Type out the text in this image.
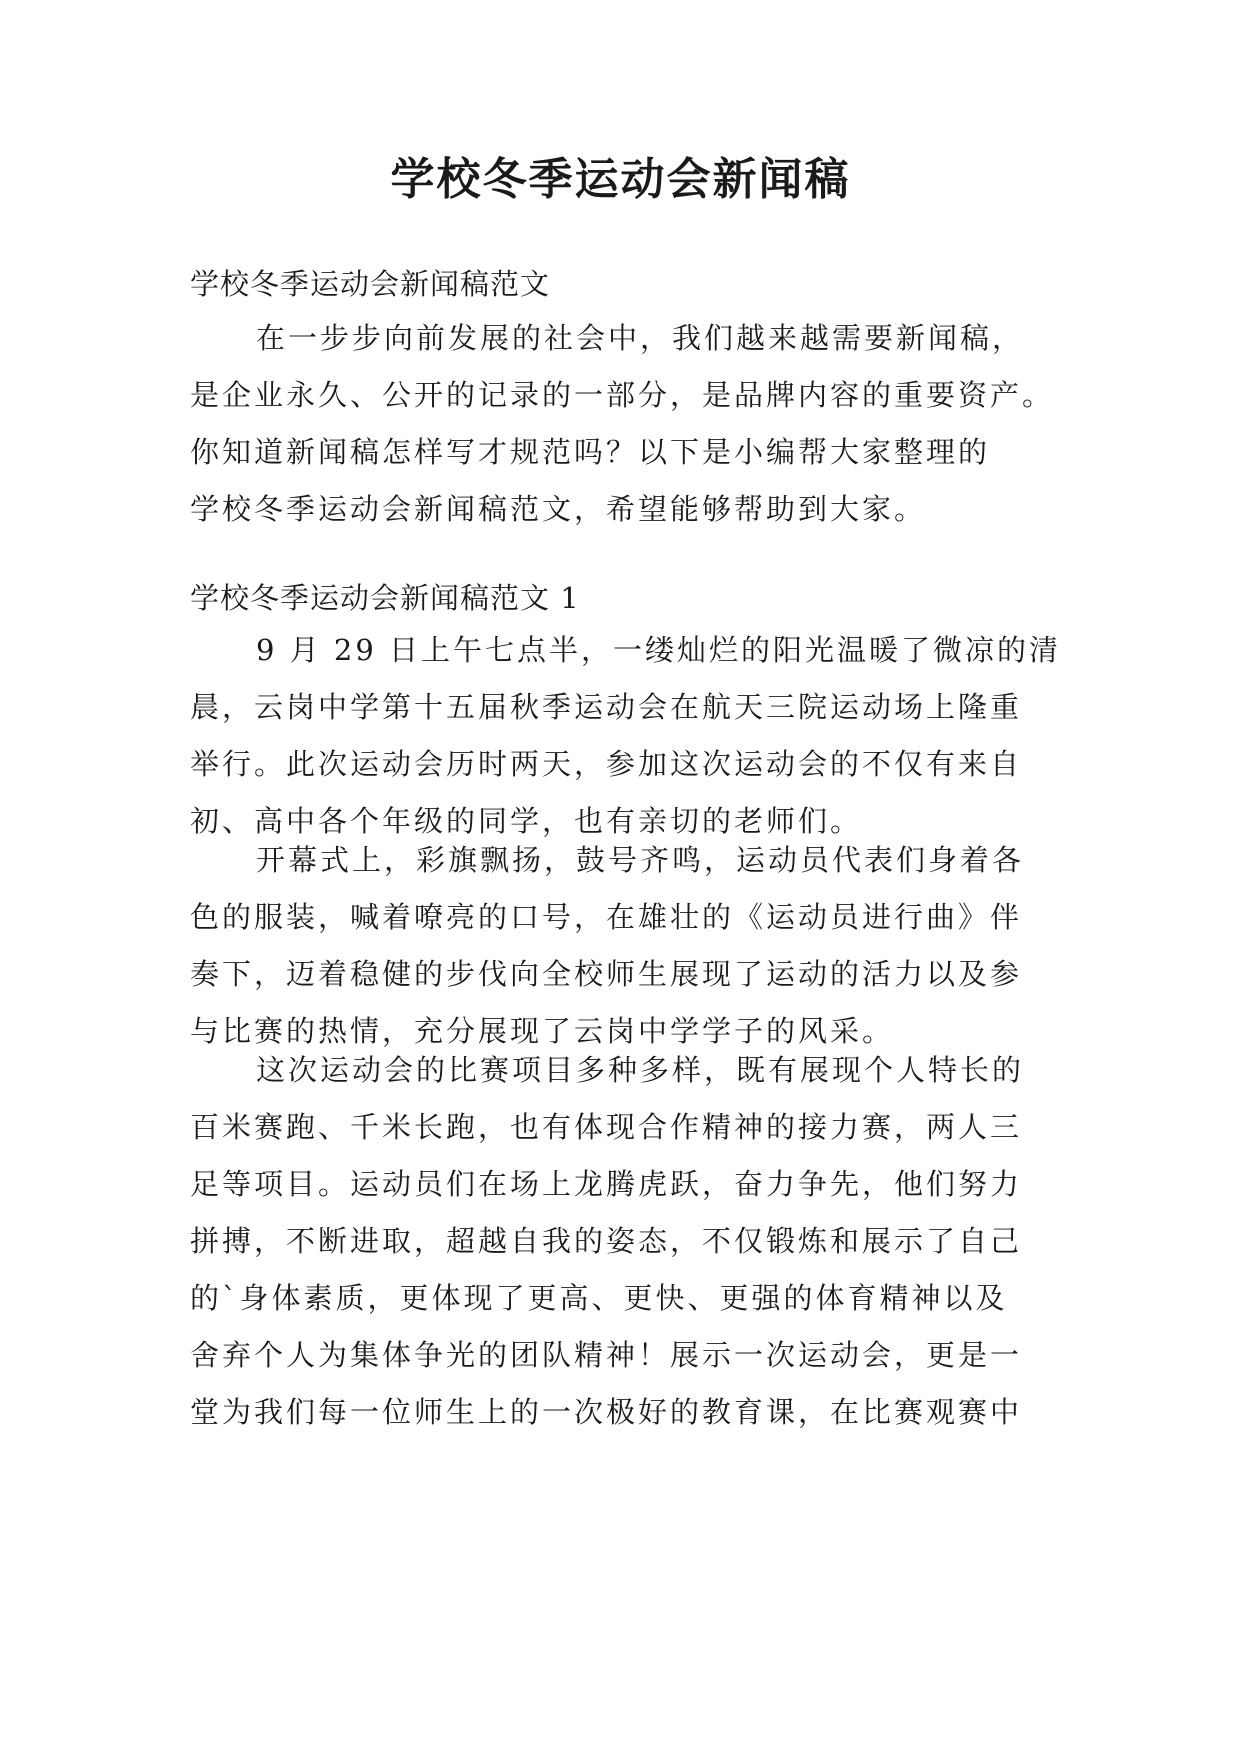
学校冬季运动会新闻稿
学校冬季运动会新闻稿范文
在一步步向前发展的社会中，我们越来越需要新闻稿，
是企业永久、公开的记录的一部分，是品牌内容的重要资产。
你知道新闻稿怎样写才规范吗？以下是小编帮大家整理的
学校冬季运动会新闻稿范文，希望能够帮助到大家。
学校冬季运动会新闻稿范文 1
9 月 29 日上午七点半，一缕灿烂的阳光温暖了微凉的清
晨，云岗中学第十五届秋季运动会在航天三院运动场上隆重
举行。此次运动会历时两天，参加这次运动会的不仅有来自
初、高中各个年级的同学，也有亲切的老师们。
开幕式上，彩旗飘扬，鼓号齐鸣，运动员代表们身着各
色的服装，喊着嘹亮的口号，在雄壮的《运动员进行曲》伴
奏下，迈着稳健的步伐向全校师生展现了运动的活力以及参
与比赛的热情，充分展现了云岗中学学子的风采。
这次运动会的比赛项目多种多样，既有展现个人特长的
百米赛跑、千米长跑，也有体现合作精神的接力赛，两人三
足等项目。运动员们在场上龙腾虎跃，奋力争先，他们努力
拼搏，不断进取，超越自我的姿态，不仅锻炼和展示了自己
的`身体素质，更体现了更高、更快、更强的体育精神以及
舍弃个人为集体争光的团队精神！展示一次运动会，更是一
堂为我们每一位师生上的一次极好的教育课，在比赛观赛中
